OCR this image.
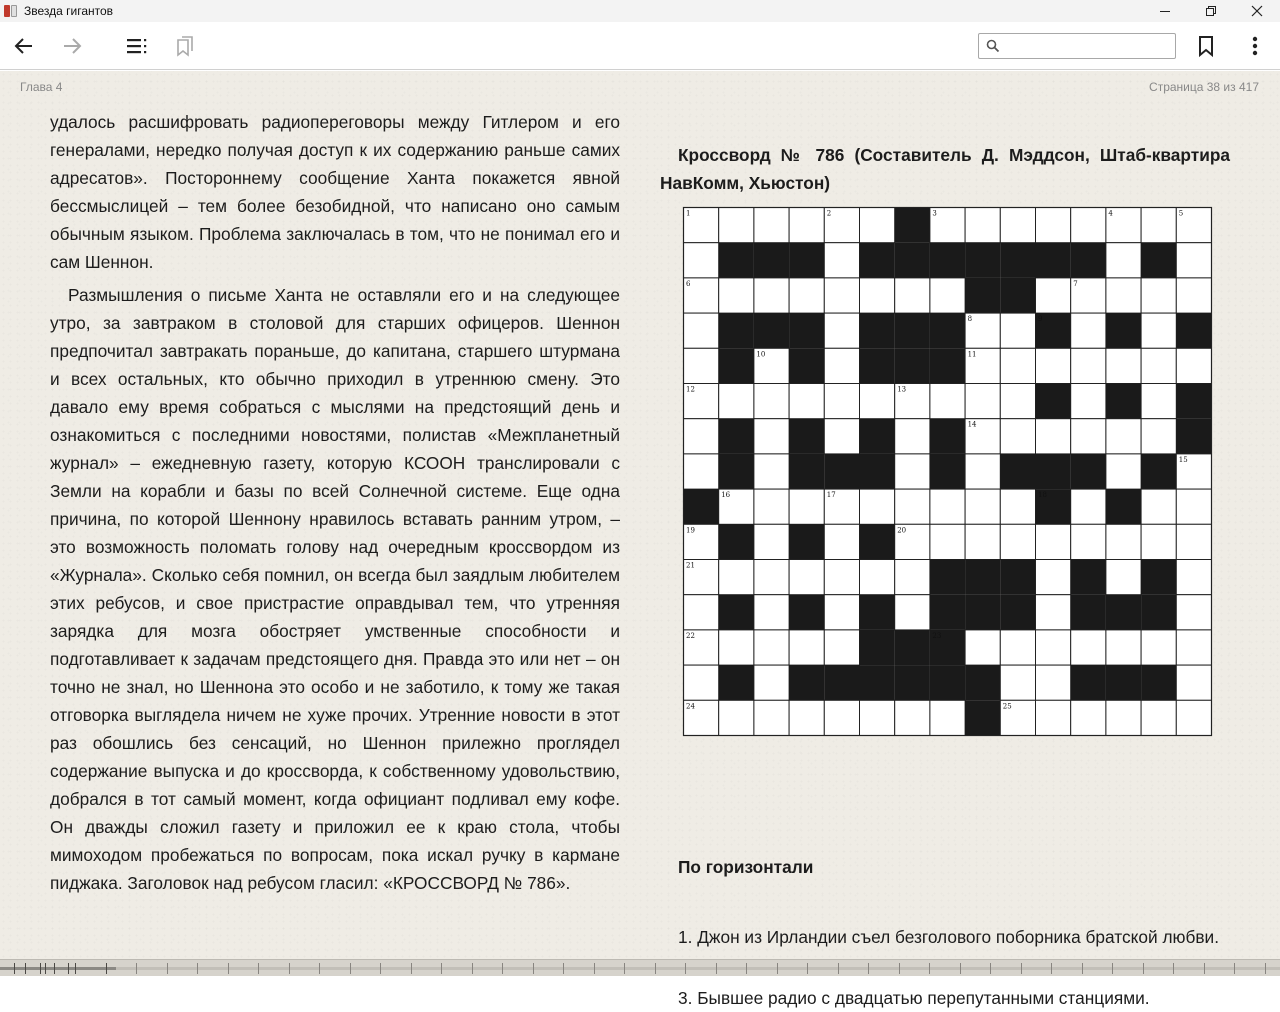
Звезда гигантов
Глава 4	Страница 38 из 417

удалось расшифровать радиопереговоры между Гитлером и его генералами, нередко получая доступ к их содержанию раньше самих адресатов». Постороннему сообщение Ханта покажется явной бессмыслицей – тем более безобидной, что написано оно самым обычным языком. Проблема заключалась в том, что не понимал его и сам Шеннон.

Размышления о письме Ханта не оставляли его и на следующее утро, за завтраком в столовой для старших офицеров. Шеннон предпочитал завтракать пораньше, до капитана, старшего штурмана и всех остальных, кто обычно приходил в утреннюю смену. Это давало ему время собраться с мыслями на предстоящий день и ознакомиться с последними новостями, полистав «Межпланетный журнал» – ежедневную газету, которую КСООН транслировали с Земли на корабли и базы по всей Солнечной системе. Еще одна причина, по которой Шеннону нравилось вставать ранним утром, – это возможность поломать голову над очередным кроссвордом из «Журнала». Сколько себя помнил, он всегда был заядлым любителем этих ребусов, и свое пристрастие оправдывал тем, что утренняя зарядка для мозга обостряет умственные способности и подготавливает к задачам предстоящего дня. Правда это или нет – он точно не знал, но Шеннона это особо и не заботило, к тому же такая отговорка выглядела ничем не хуже прочих. Утренние новости в этот раз обошлись без сенсаций, но Шеннон прилежно проглядел содержание выпуска и до кроссворда, к собственному удовольствию, добрался в тот самый момент, когда официант подливал ему кофе. Он дважды сложил газету и приложил ее к краю стола, чтобы мимоходом пробежаться по вопросам, пока искал ручку в кармане пиджака. Заголовок над ребусом гласил: «КРОССВОРД № 786».

Кроссворд № 786 (Составитель Д. Мэддсон, Штаб-квартира НавКомм, Хьюстон)
1	2	3	4	5
6	7
8	9
10	11
12	13
14
15
16	17	18
19	20
21
22	23
24	25
По горизонтали
1. Джон из Ирландии съел безголового поборника братской любви.
3. Бывшее радио с двадцатью перепутанными станциями.
